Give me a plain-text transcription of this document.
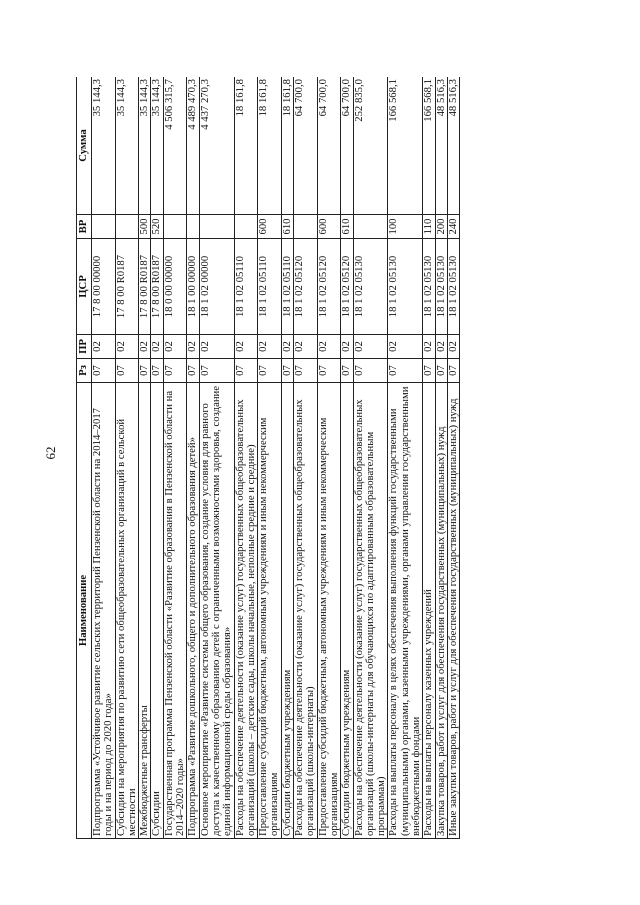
62
Наименование	Рз	ПР	ЦСР	ВР	Сумма
Подпрограмма «Устойчивое развитие сельских территорий Пензенской области на 2014–2017 годы и на период до 2020 года»	07	02	17 8 00 00000		35 144,3
Субсидии на мероприятия по развитию сети общеобразовательных организаций в сельской местности	07	02	17 8 00 R0187		35 144,3
Межбюджетные трансферты	07	02	17 8 00 R0187	500	35 144,3
Субсидии	07	02	17 8 00 R0187	520	35 144,3
Государственная программа Пензенской области «Развитие образования в Пензенской области на 2014–2020 годы»	07	02	18 0 00 00000		4 506 315,7
Подпрограмма «Развитие дошкольного, общего и дополнительного образования детей»	07	02	18 1 00 00000		4 489 470,3
Основное мероприятие «Развитие системы общего образования, создание условия для равного доступа к качественному образованию детей с ограниченными возможностями здоровья, создание единой информационной среды образования»	07	02	18 1 02 00000		4 437 270,3
Расходы на обеспечение деятельности (оказание услуг) государственных общеобразовательных организаций (школы – детские сады, школы начальные, неполные средние и средние)	07	02	18 1 02 05110		18 161,8
Предоставление субсидий бюджетным, автономным учреждениям и иным некоммерческим организациям	07	02	18 1 02 05110	600	18 161,8
Субсидии бюджетным учреждениям	07	02	18 1 02 05110	610	18 161,8
Расходы на обеспечение деятельности (оказание услуг) государственных общеобразовательных организаций (школы-интернаты)	07	02	18 1 02 05120		64 700,0
Предоставление субсидий бюджетным, автономным учреждениям и иным некоммерческим организациям	07	02	18 1 02 05120	600	64 700,0
Субсидии бюджетным учреждениям	07	02	18 1 02 05120	610	64 700,0
Расходы на обеспечение деятельности (оказание услуг) государственных общеобразовательных организаций (школы-интернаты для обучающихся по адаптированным образовательным программам)	07	02	18 1 02 05130		252 835,0
Расходы на выплаты персоналу в целях обеспечения выполнения функций государственными (муниципальными) органами, казенными учреждениями, органами управления государственными внебюджетными фондами	07	02	18 1 02 05130	100	166 568,1
Расходы на выплаты персоналу казенных учреждений	07	02	18 1 02 05130	110	166 568,1
Закупка товаров, работ и услуг для обеспечения государственных (муниципальных) нужд	07	02	18 1 02 05130	200	48 516,3
Иные закупки товаров, работ и услуг для обеспечения государственных (муниципальных) нужд	07	02	18 1 02 05130	240	48 516,3
